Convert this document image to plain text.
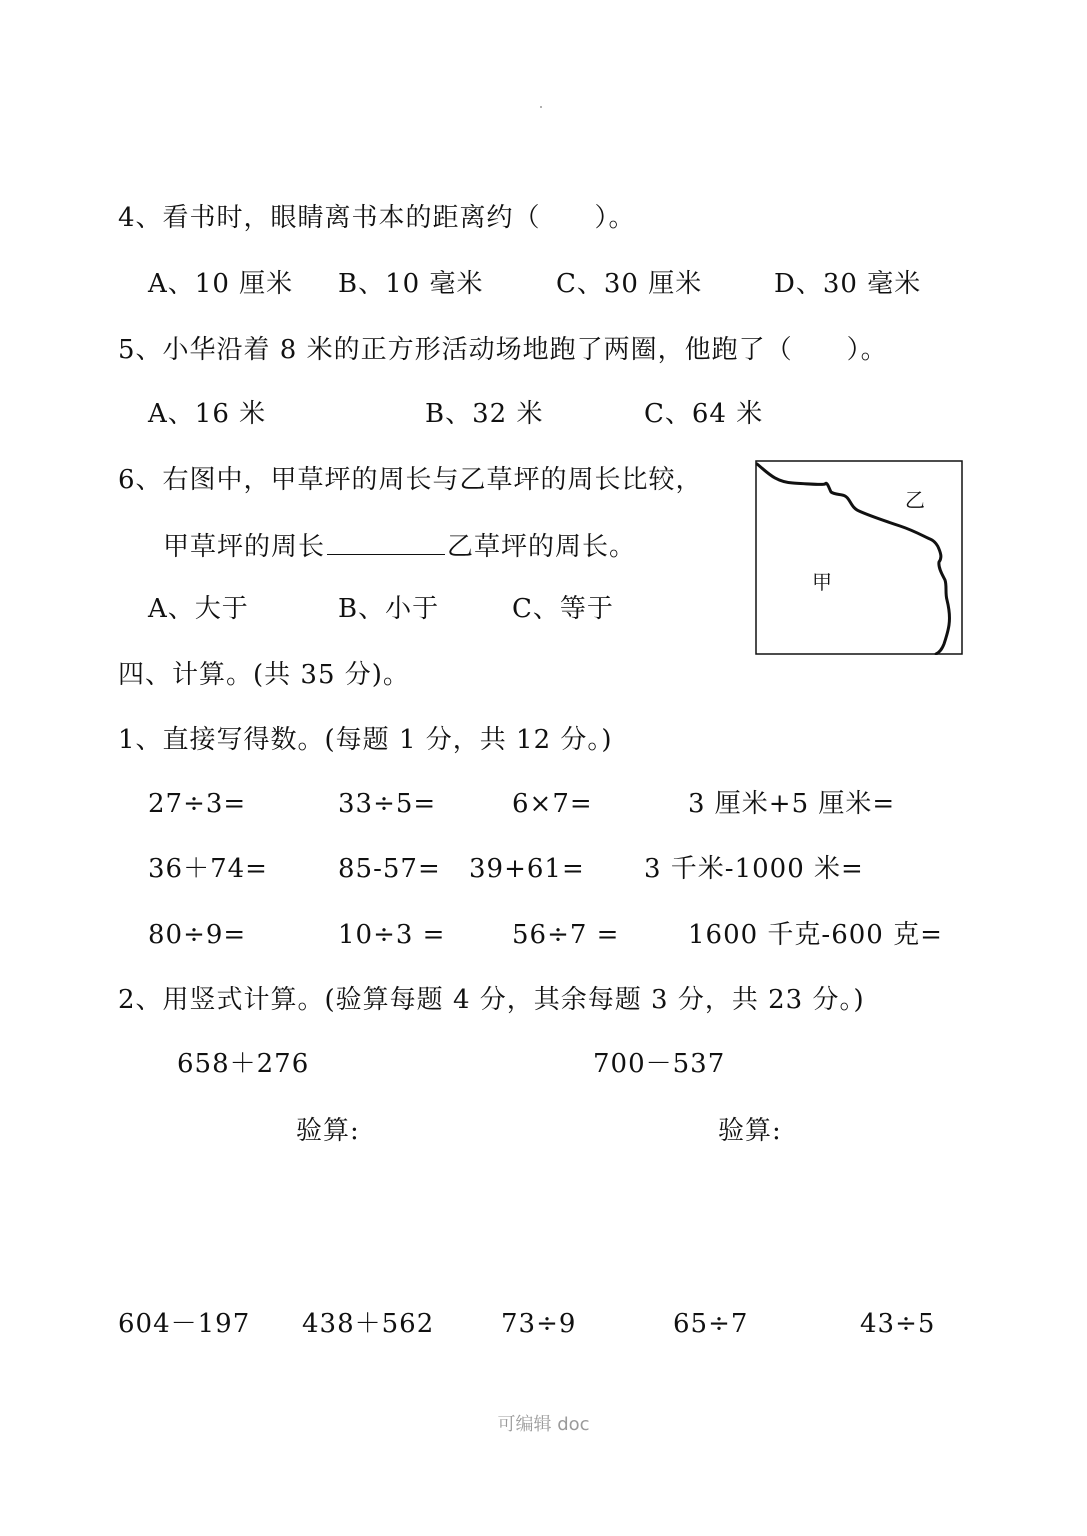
4、看书时，眼睛离书本的距离约（　　）。
A、10 厘米 B、10 毫米	C、30 厘米	D、30 毫米
5、小华沿着 8 米的正方形活动场地跑了两圈，他跑了（　　）。
A、16 米	B、32 米	C、64 米
6、右图中，甲草坪的周长与乙草坪的周长比较，
甲草坪的周长	乙草坪的周长。
A、大于	B、小于	C、等于
甲
乙
四、计算。(共 35 分)。
1、直接写得数。(每题 1 分，共 12 分。)
27÷3=	33÷5=	6×7=	3 厘米+5 厘米=
36＋74=	85-57= 39+61= 3 千米-1000 米=
80÷9=	10÷3 =	56÷7 =	1600 千克-600 克=
2、用竖式计算。(验算每题 4 分，其余每题 3 分，共 23 分。)
658＋276	700－537
验算:	验算:
604－197 438＋562	73÷9	65÷7	43÷5
可编辑 doc
